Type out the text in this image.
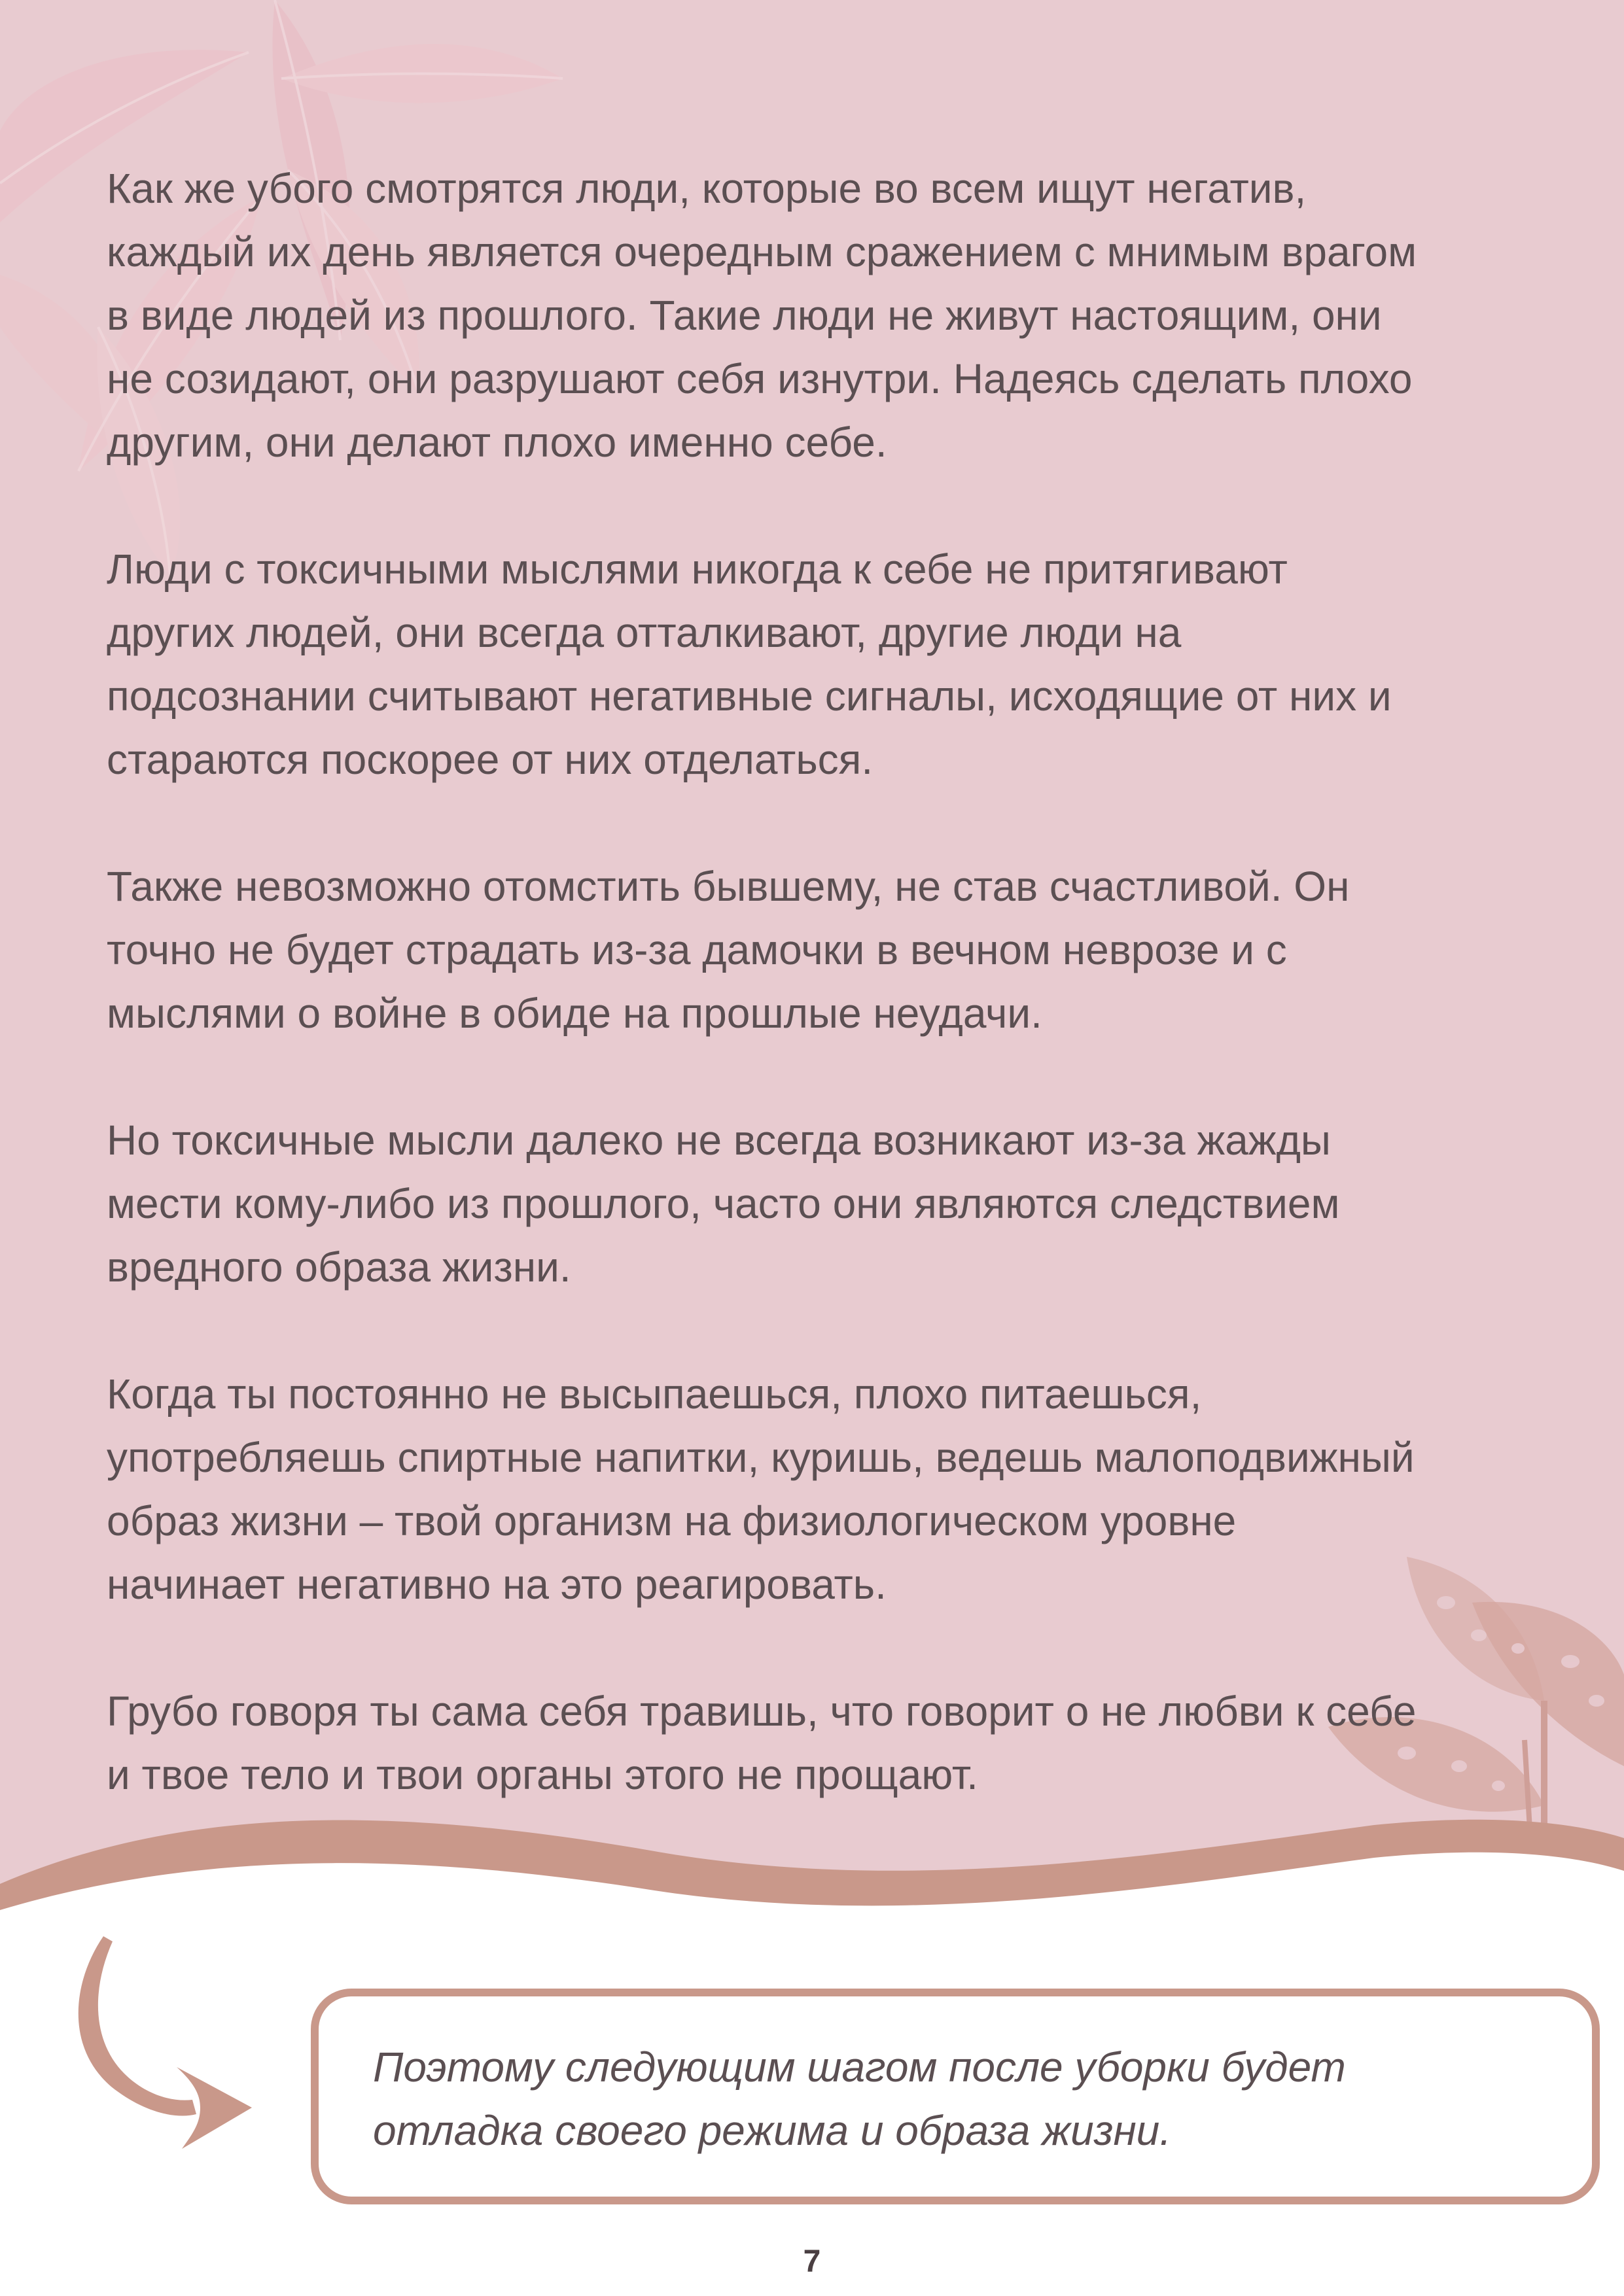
Как же убого смотрятся люди, которые во всем ищут негатив,
каждый их день является очередным сражением с мнимым врагом
в виде людей из прошлого. Такие люди не живут настоящим, они
не созидают, они разрушают себя изнутри. Надеясь сделать плохо
другим, они делают плохо именно себе.

Люди с токсичными мыслями никогда к себе не притягивают
других людей, они всегда отталкивают, другие люди на
подсознании считывают негативные сигналы, исходящие от них и
стараются поскорее от них отделаться.

Также невозможно отомстить бывшему, не став счастливой. Он
точно не будет страдать из-за дамочки в вечном неврозе и с
мыслями о войне в обиде на прошлые неудачи.

Но токсичные мысли далеко не всегда возникают из-за жажды
мести кому-либо из прошлого, часто они являются следствием
вредного образа жизни.

Когда ты постоянно не высыпаешься, плохо питаешься,
употребляешь спиртные напитки, куришь, ведешь малоподвижный
образ жизни – твой организм на физиологическом уровне
начинает негативно на это реагировать.

Грубо говоря ты сама себя травишь, что говорит о не любви к себе
и твое тело и твои органы этого не прощают.

Поэтому следующим шагом после уборки будет
отладка своего режима и образа жизни.

7
